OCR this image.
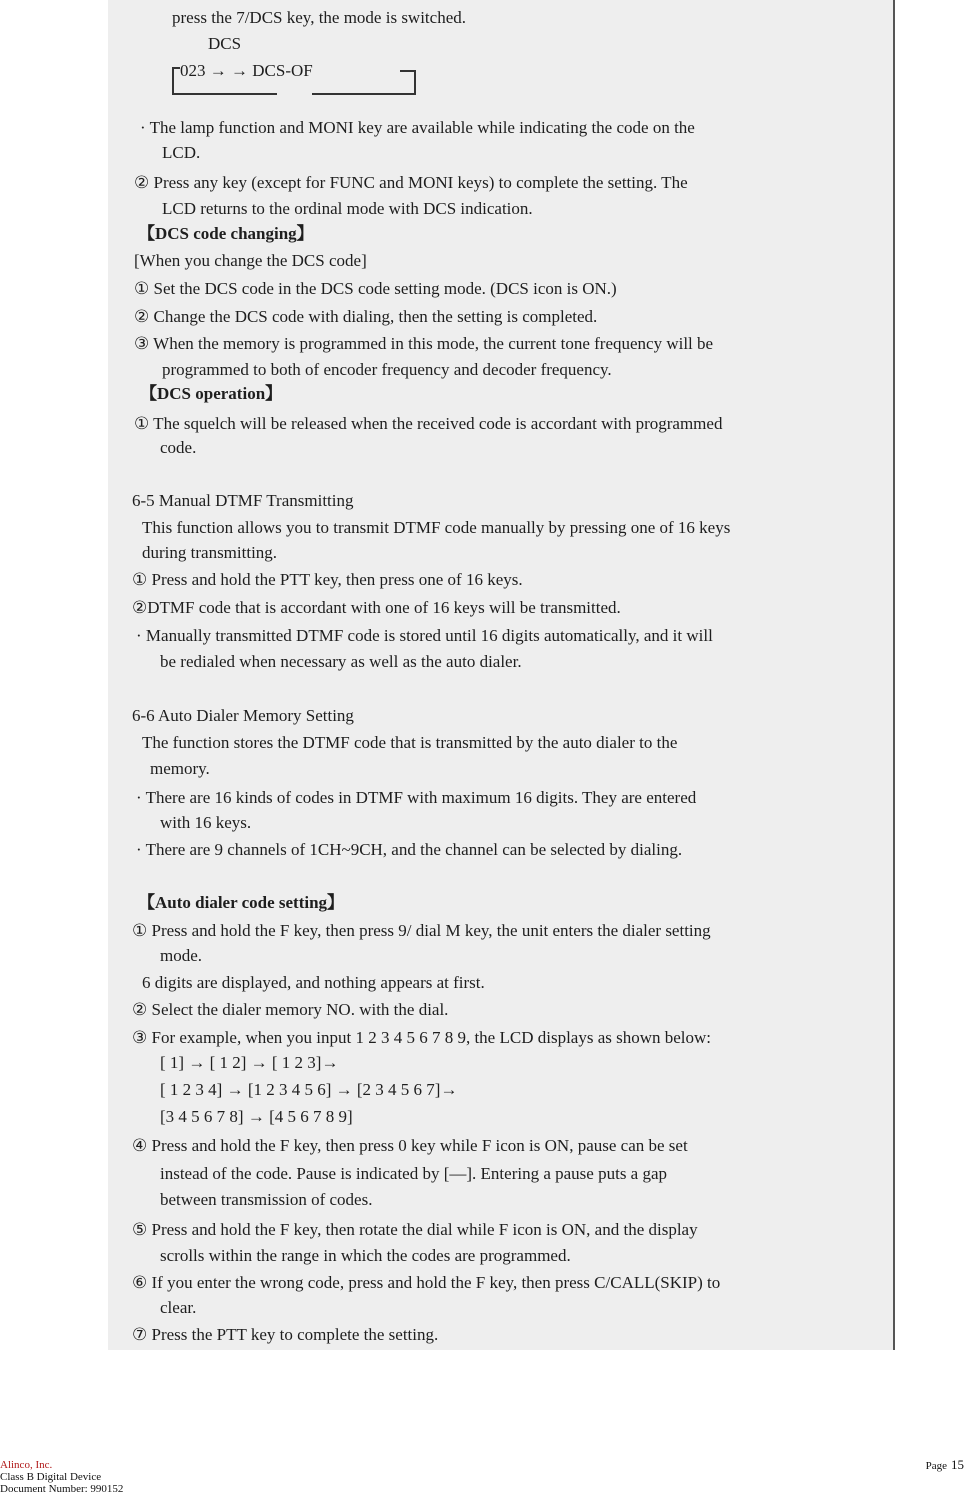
press the 7/DCS key, the mode is switched.
DCS
023 → → DCS-OF
· The lamp function and MONI key are available while indicating the code on the
LCD.
② Press any key (except for FUNC and MONI keys) to complete the setting. The
LCD returns to the ordinal mode with DCS indication.
【DCS code changing】
[When you change the DCS code]
① Set the DCS code in the DCS code setting mode. (DCS icon is ON.)
② Change the DCS code with dialing, then the setting is completed.
③ When the memory is programmed in this mode, the current tone frequency will be
programmed to both of encoder frequency and decoder frequency.
【DCS operation】
① The squelch will be released when the received code is accordant with programmed
code.
6-5 Manual DTMF Transmitting
This function allows you to transmit DTMF code manually by pressing one of 16 keys
during transmitting.
① Press and hold the PTT key, then press one of 16 keys.
②DTMF code that is accordant with one of 16 keys will be transmitted.
· Manually transmitted DTMF code is stored until 16 digits automatically, and it will
be redialed when necessary as well as the auto dialer.
6-6 Auto Dialer Memory Setting
The function stores the DTMF code that is transmitted by the auto dialer to the
memory.
· There are 16 kinds of codes in DTMF with maximum 16 digits. They are entered
with 16 keys.
· There are 9 channels of 1CH~9CH, and the channel can be selected by dialing.
【Auto dialer code setting】
① Press and hold the F key, then press 9/ dial M key, the unit enters the dialer setting
mode.
6 digits are displayed, and nothing appears at first.
② Select the dialer memory NO. with the dial.
③ For example, when you input 1 2 3 4 5 6 7 8 9, the LCD displays as shown below:
[ 1] → [ 1 2] → [ 1 2 3]→
[ 1 2 3 4] → [1 2 3 4 5 6] → [2 3 4 5 6 7]→
[3 4 5 6 7 8] → [4 5 6 7 8 9]
④ Press and hold the F key, then press 0 key while F icon is ON, pause can be set
instead of the code. Pause is indicated by [—]. Entering a pause puts a gap
between transmission of codes.
⑤ Press and hold the F key, then rotate the dial while F icon is ON, and the display
scrolls within the range in which the codes are programmed.
⑥ If you enter the wrong code, press and hold the F key, then press C/CALL(SKIP) to
clear.
⑦ Press the PTT key to complete the setting.
Alinco, Inc.
Class B Digital Device
Document Number: 990152
Page 15
